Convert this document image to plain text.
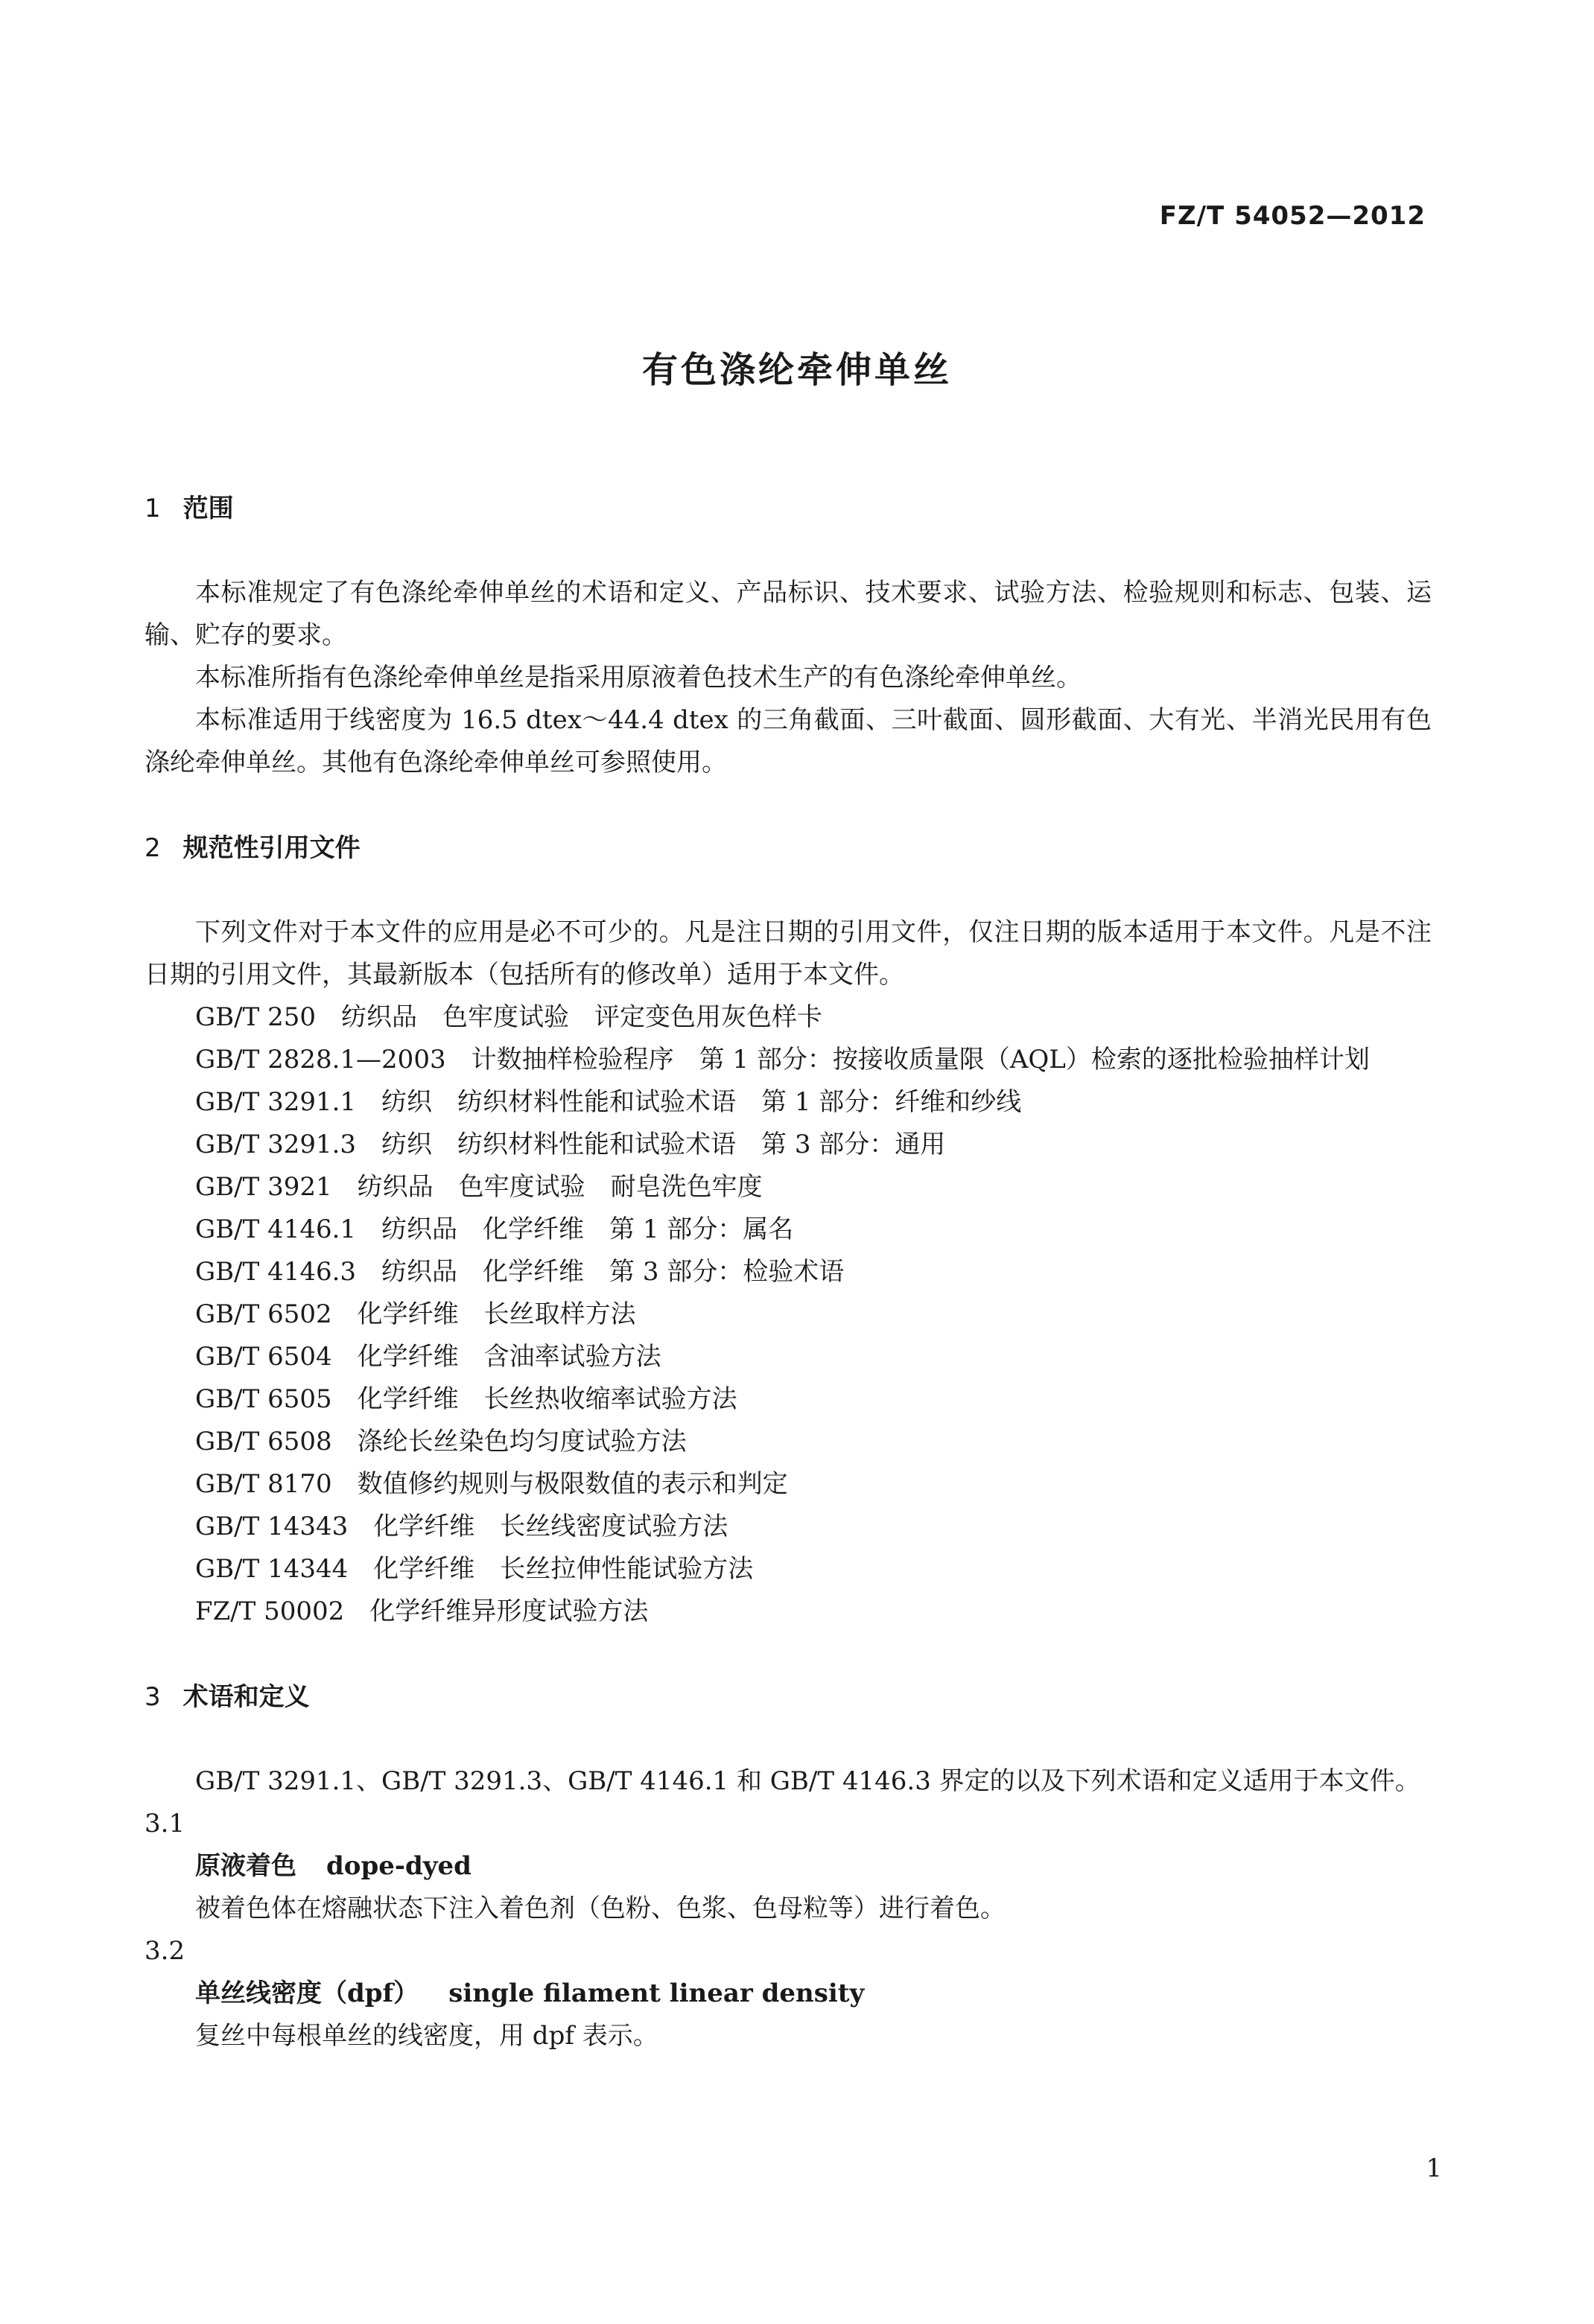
FZ/T 54052—2012
有色涤纶牵伸单丝
1 范围

本标准规定了有色涤纶牵伸单丝的术语和定义、产品标识、技术要求、试验方法、检验规则和标志、包装、运输、贮存的要求。

本标准所指有色涤纶牵伸单丝是指采用原液着色技术生产的有色涤纶牵伸单丝。

本标准适用于线密度为 16.5 dtex～44.4 dtex 的三角截面、三叶截面、圆形截面、大有光、半消光民用有色涤纶牵伸单丝。其他有色涤纶牵伸单丝可参照使用。

2 规范性引用文件

下列文件对于本文件的应用是必不可少的。凡是注日期的引用文件，仅注日期的版本适用于本文件。凡是不注日期的引用文件，其最新版本（包括所有的修改单）适用于本文件。

GB/T 250　纺织品　色牢度试验　评定变色用灰色样卡

GB/T 2828.1—2003　计数抽样检验程序　第 1 部分：按接收质量限（AQL）检索的逐批检验抽样计划

GB/T 3291.1　纺织　纺织材料性能和试验术语　第 1 部分：纤维和纱线

GB/T 3291.3　纺织　纺织材料性能和试验术语　第 3 部分：通用

GB/T 3921　纺织品　色牢度试验　耐皂洗色牢度

GB/T 4146.1　纺织品　化学纤维　第 1 部分：属名

GB/T 4146.3　纺织品　化学纤维　第 3 部分：检验术语

GB/T 6502　化学纤维　长丝取样方法

GB/T 6504　化学纤维　含油率试验方法

GB/T 6505　化学纤维　长丝热收缩率试验方法

GB/T 6508　涤纶长丝染色均匀度试验方法

GB/T 8170　数值修约规则与极限数值的表示和判定

GB/T 14343　化学纤维　长丝线密度试验方法

GB/T 14344　化学纤维　长丝拉伸性能试验方法

FZ/T 50002　化学纤维异形度试验方法

3 术语和定义

GB/T 3291.1、GB/T 3291.3、GB/T 4146.1 和 GB/T 4146.3 界定的以及下列术语和定义适用于本文件。

3.1
原液着色 dope-dyed
被着色体在熔融状态下注入着色剂（色粉、色浆、色母粒等）进行着色。
3.2
单丝线密度（dpf） single filament linear density
复丝中每根单丝的线密度，用 dpf 表示。
1
